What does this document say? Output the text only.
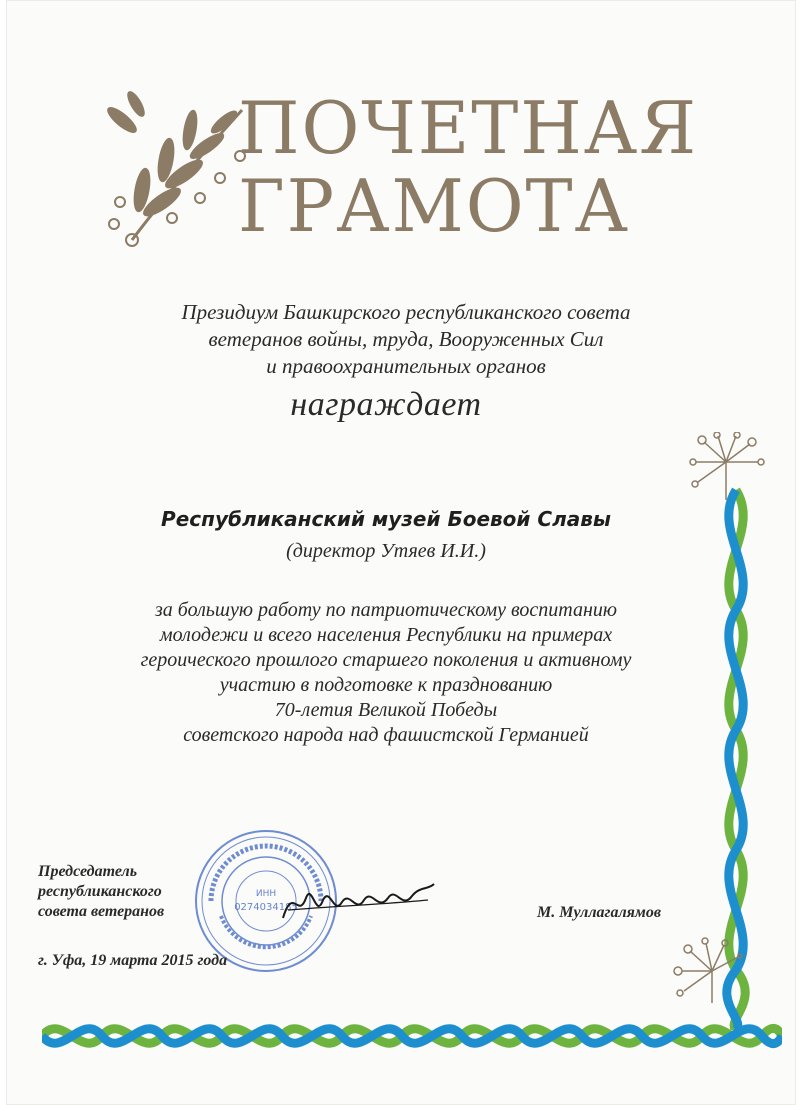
ПОЧЕТНАЯ
ГРАМОТА
Президиум Башкирского республиканского совета
ветеранов войны, труда, Вооруженных Сил
и правоохранительных органов
награждает
Республиканский музей Боевой Славы
(директор Утяев И.И.)
за большую работу по патриотическому воспитанию
молодежи и всего населения Республики на примерах
героического прошлого старшего поколения и активному
участию в подготовке к празднованию
70-летия Великой Победы
советского народа над фашистской Германией
ИНН
0274034185
Председатель
республиканского
совета ветеранов	М. Муллагалямов
г. Уфа, 19 марта 2015 года
